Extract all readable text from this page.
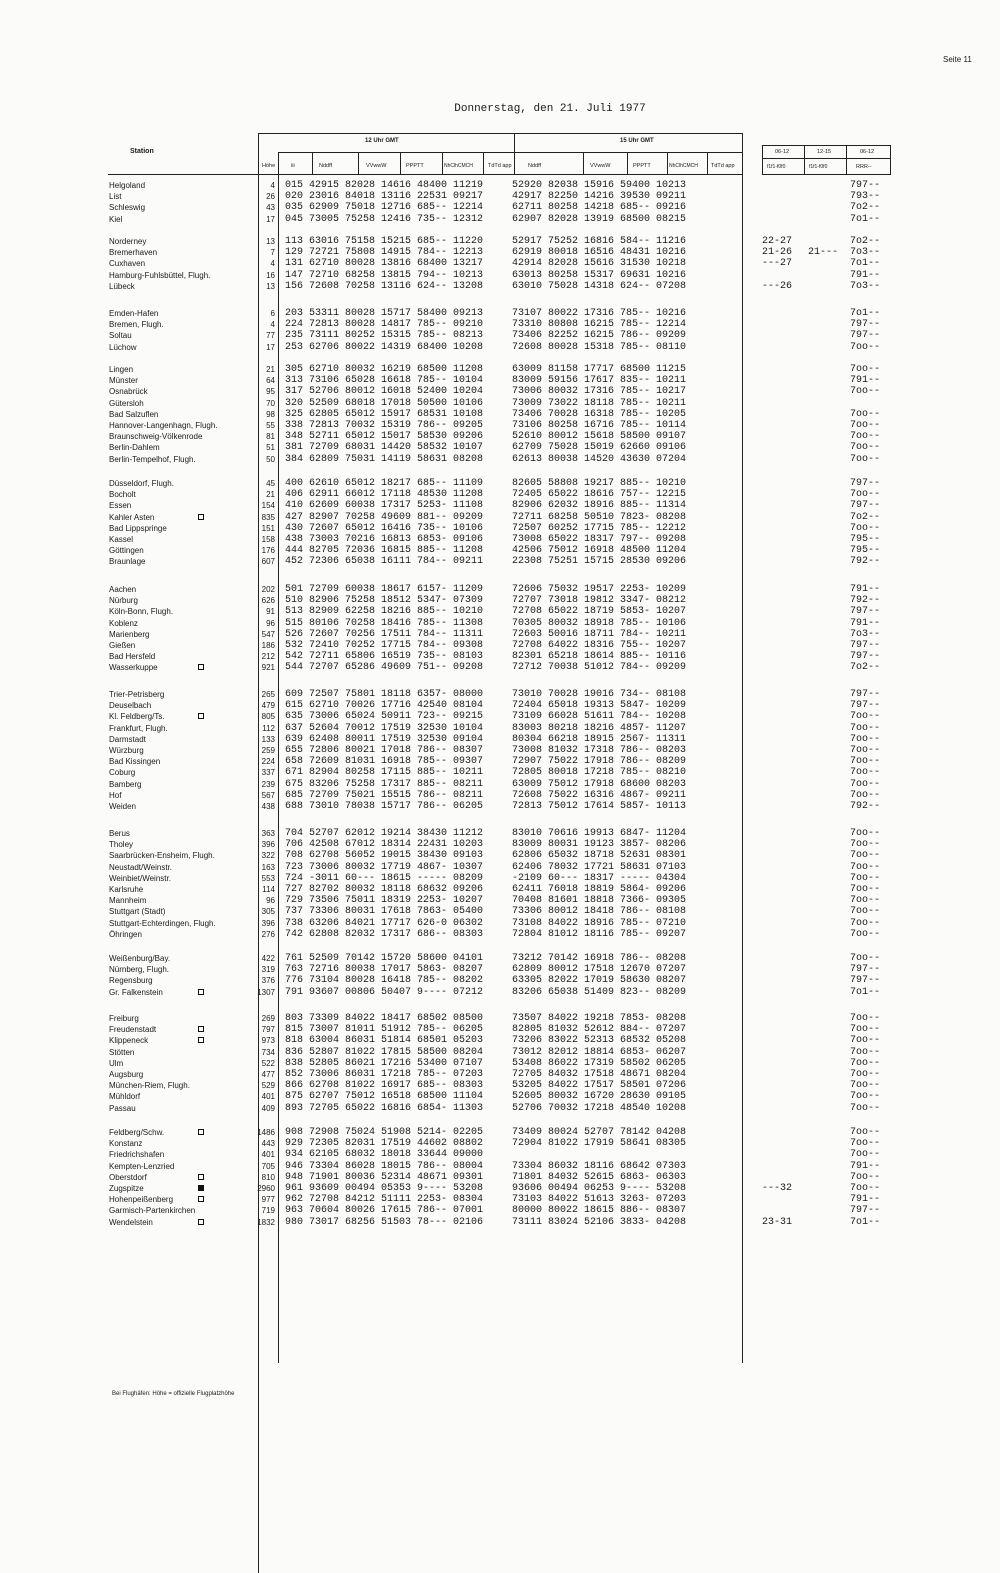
Seite 11
Donnerstag, den 21. Juli 1977
Station
Höhe	iii
12 Uhr GMT	15 Uhr GMT
Nddff	VVwwW	PPPTT	NhClhCMCH	TdTd app	Nddff	VVwwW	PPPTT	NhClhCMCH TdTd app
06-12	12-15	06-12
f1f1-f0f0	f1f1-f0f0	RRR--
Helgoland	4 015 42915 82028 14616 48400 11219	52920 82038 15916 59400 10213	797--
List	26 020 23016 84018 13116 22531 09217	42917 82250 14216 39530 09211	793--
Schleswig	43 035 62909 75018 12716 685-- 12214	62711 80258 14218 685-- 09216	7o2--
Kiel	17 045 73005 75258 12416 735-- 12312	62907 82028 13919 68500 08215	7o1--
Norderney	13 113 63016 75158 15215 685-- 11220	52917 75252 16816 584-- 11216	22-27	7o2--
Bremerhaven	7 129 72721 75808 14915 784-- 12213	62919 80018 16516 48431 10216	21-26 21--- 7o3--
Cuxhaven	4 131 62710 80028 13816 68400 13217	42914 82028 15616 31530 10218	---27	7o1--
Hamburg-Fuhlsbüttel, Flugh.	16 147 72710 68258 13815 794-- 10213	63013 80258 15317 69631 10216	791--
Lübeck	13 156 72608 70258 13116 624-- 13208	63010 75028 14318 624-- 07208	---26	7o3--
Emden-Hafen	6 203 53311 80028 15717 58400 09213	73107 80022 17316 785-- 10216	7o1--
Bremen, Flugh.	4 224 72813 80028 14817 785-- 09210	73310 80808 16215 785-- 12214	797--
Soltau	77 235 73111 80252 15315 785-- 08213	73406 82252 16215 786-- 09209	797--
Lüchow	17 253 62706 80022 14319 68400 10208	72608 80028 15318 785-- 08110	7oo--
Lingen	21 305 62710 80032 16219 68500 11208	63009 81158 17717 68500 11215	7oo--
Münster	64 313 73106 65028 16618 785-- 10104	83009 59156 17617 835-- 10211	791--
Osnabrück	95 317 52706 80012 16018 52400 10204	73006 80032 17316 785-- 10217	7oo--
Gütersloh	70 320 52509 68018 17018 50500 10106	73009 73022 18118 785-- 10211
Bad Salzuflen	98 325 62805 65012 15917 68531 10108	73406 70028 16318 785-- 10205	7oo--
Hannover-Langenhagn, Flugh.	55 338 72813 70032 15319 786-- 09205	73106 80258 16716 785-- 10114	7oo--
Braunschweig-Völkenrode	81 348 52711 65012 15017 58530 09206	52610 80012 15618 58500 09107	7oo--
Berlin-Dahlem	51 381 72709 68031 14420 58532 10107	62709 75028 15019 62660 09106	7oo--
Berlin-Tempelhof, Flugh.	50 384 62809 75031 14119 58631 08208	62613 80038 14520 43630 07204	7oo--
Düsseldorf, Flugh.	45 400 62610 65012 18217 685-- 11109	82605 58808 19217 885-- 10210	797--
Bocholt	21 406 62911 66012 17118 48530 11208	72405 65022 18616 757-- 12215	7oo--
Essen	154 410 62609 60038 17317 5253- 11108	82906 62032 18916 885-- 11314	797--
Kahler Asten	835 427 82907 70258 49609 881-- 09209	72711 68258 50510 7823- 08208	7o2--
Bad Lippspringe	151 430 72607 65012 16416 735-- 10106	72507 60252 17715 785-- 12212	7oo--
Kassel	158 438 73003 70216 16813 6853- 09106	73008 65022 18317 797-- 09208	795--
Göttingen	176 444 82705 72036 16815 885-- 11208	42506 75012 16918 48500 11204	795--
Braunlage	607 452 72306 65038 16111 784-- 09211	22308 75251 15715 28530 09206	792--
Aachen	202 501 72709 60038 18617 6157- 11209	72606 75032 19517 2253- 10209	791--
Nürburg	626 510 82906 75258 18512 5347- 07309	72707 73018 19812 3347- 08212	792--
Köln-Bonn, Flugh.	91 513 82909 62258 18216 885-- 10210	72708 65022 18719 5853- 10207	797--
Koblenz	96 515 80106 70258 18416 785-- 11308	70305 80032 18918 785-- 10106	791--
Marienberg	547 526 72607 70256 17511 784-- 11311	72603 50016 18711 784-- 10211	7o3--
Gießen	186 532 72410 70252 17715 784-- 09308	72708 64022 18316 755-- 10207	797--
Bad Hersfeld	212 542 72711 65806 16519 735-- 08103	82301 65218 18614 885-- 10116	797--
Wasserkuppe	921 544 72707 65286 49609 751-- 09208	72712 70038 51012 784-- 09209	7o2--
Trier-Petrisberg	265 609 72507 75801 18118 6357- 08000	73010 70028 19016 734-- 08108	797--
Deuselbach	479 615 62710 70026 17716 42540 08104	72404 65018 19313 5847- 10209	797--
Kl. Feldberg/Ts.	805 635 73006 65024 50911 723-- 09215	73109 66028 51611 784-- 10208	7oo--
Frankfurt, Flugh.	112 637 52604 70012 17519 32530 10104	83003 80218 18216 4857- 11207	7oo--
Darmstadt	133 639 62408 80011 17519 32530 09104	80304 66218 18915 2567- 11311	7oo--
Würzburg	259 655 72806 80021 17018 786-- 08307	73008 81032 17318 786-- 08203	7oo--
Bad Kissingen	224 658 72609 81031 16918 785-- 09307	72907 75022 17918 786-- 08209	7oo--
Coburg	337 671 82904 80258 17115 885-- 10211	72805 80018 17218 785-- 08210	7oo--
Bamberg	239 675 83206 75258 17317 885-- 08211	63009 75012 17918 68600 08203	7oo--
Hof	567 685 72709 75021 15515 786-- 08211	72608 75022 16316 4867- 09211	7oo--
Weiden	438 688 73010 78038 15717 786-- 06205	72813 75012 17614 5857- 10113	792--
Berus	363 704 52707 62012 19214 38430 11212	83010 70616 19913 6847- 11204	7oo--
Tholey	396 706 42508 67012 18314 22431 10203	83009 80031 19123 3857- 08206	7oo--
Saarbrücken-Ensheim, Flugh.	322 708 62708 56052 19015 38430 09103	62806 65032 18718 52631 08301	7oo--
Neustadt/Weinstr.	163 723 73006 80032 17719 4867- 10307	62406 78032 17721 58631 07103	7oo--
Weinbiet/Weinstr.	553 724 -3011 60--- 18615 ----- 08209	-2109 60--- 18317 ----- 04304	7oo--
Karlsruhe	114 727 82702 80032 18118 68632 09206	62411 76018 18819 5864- 09206	7oo--
Mannheim	96 729 73506 75011 18319 2253- 10207	70408 81601 18818 7366- 09305	7oo--
Stuttgart (Stadt)	305 737 73306 80031 17618 7863- 05400	73306 80012 18418 786-- 08108	7oo--
Stuttgart-Echterdingen, Flugh.	396 738 63206 84021 17717 626-0 06302	73108 84022 18916 785-- 07210	7oo--
Öhringen	276 742 62808 82032 17317 686-- 08303	72804 81012 18116 785-- 09207	7oo--
Weißenburg/Bay.	422 761 52509 70142 15720 58600 04101	73212 70142 16918 786-- 08208	7oo--
Nürnberg, Flugh.	319 763 72716 80038 17017 5863- 08207	62809 80012 17518 12670 07207	797--
Regensburg	376 776 73104 80028 16418 785-- 08202	63305 82022 17019 58630 08207	797--
Gr. Falkenstein	1307 791 93607 00806 50407 9---- 07212	83206 65038 51409 823-- 08209	7o1--
Freiburg	269 803 73309 84022 18417 68502 08500	73507 84022 19218 7853- 08208	7oo--
Freudenstadt	797 815 73007 81011 51912 785-- 06205	82805 81032 52612 884-- 07207	7oo--
Klippeneck	973 818 63004 86031 51814 68501 05203	73206 83022 52313 68532 05208	7oo--
Stötten	734 836 52807 81022 17815 58500 08204	73012 82012 18814 6853- 06207	7oo--
Ulm	522 838 52805 86021 17216 53400 07107	53408 86022 17319 58502 06205	7oo--
Augsburg	477 852 73006 86031 17218 785-- 07203	72705 84032 17518 48671 08204	7oo--
München-Riem, Flugh.	529 866 62708 81022 16917 685-- 08303	53205 84022 17517 58501 07206	7oo--
Mühldorf	401 875 62707 75012 16518 68500 11104	52605 80032 16720 28630 09105	7oo--
Passau	409 893 72705 65022 16816 6854- 11303	52706 70032 17218 48540 10208	7oo--
Feldberg/Schw.	1486 908 72908 75024 51908 5214- 02205	73409 80024 52707 78142 04208	7oo--
Konstanz	443 929 72305 82031 17519 44602 08802	72904 81022 17919 58641 08305	7oo--
Friedrichshafen	401 934 62105 68032 18018 33644 09000	7oo--
Kempten-Lenzried	705 946 73304 86028 18015 786-- 08004	73304 86032 18116 68642 07303	791--
Oberstdorf	810 948 71901 80036 52314 48671 09301	71801 84032 52615 6863- 06303	7oo--
Zugspitze	2960 961 93609 00494 05353 9---- 53208	93606 00494 06253 9---- 53208	---32	7oo--
Hohenpeißenberg	977 962 72708 84212 51111 2253- 08304	73103 84022 51613 3263- 07203	791--
Garmisch-Partenkirchen	719 963 70604 80026 17615 786-- 07001	80000 80022 18615 886-- 08307	797--
Wendelstein	1832 980 73017 68256 51503 78--- 02106	73111 83024 52106 3833- 04208	23-31	7o1--
Bei Flughäfen: Höhe = offizielle Flugplatzhöhe
